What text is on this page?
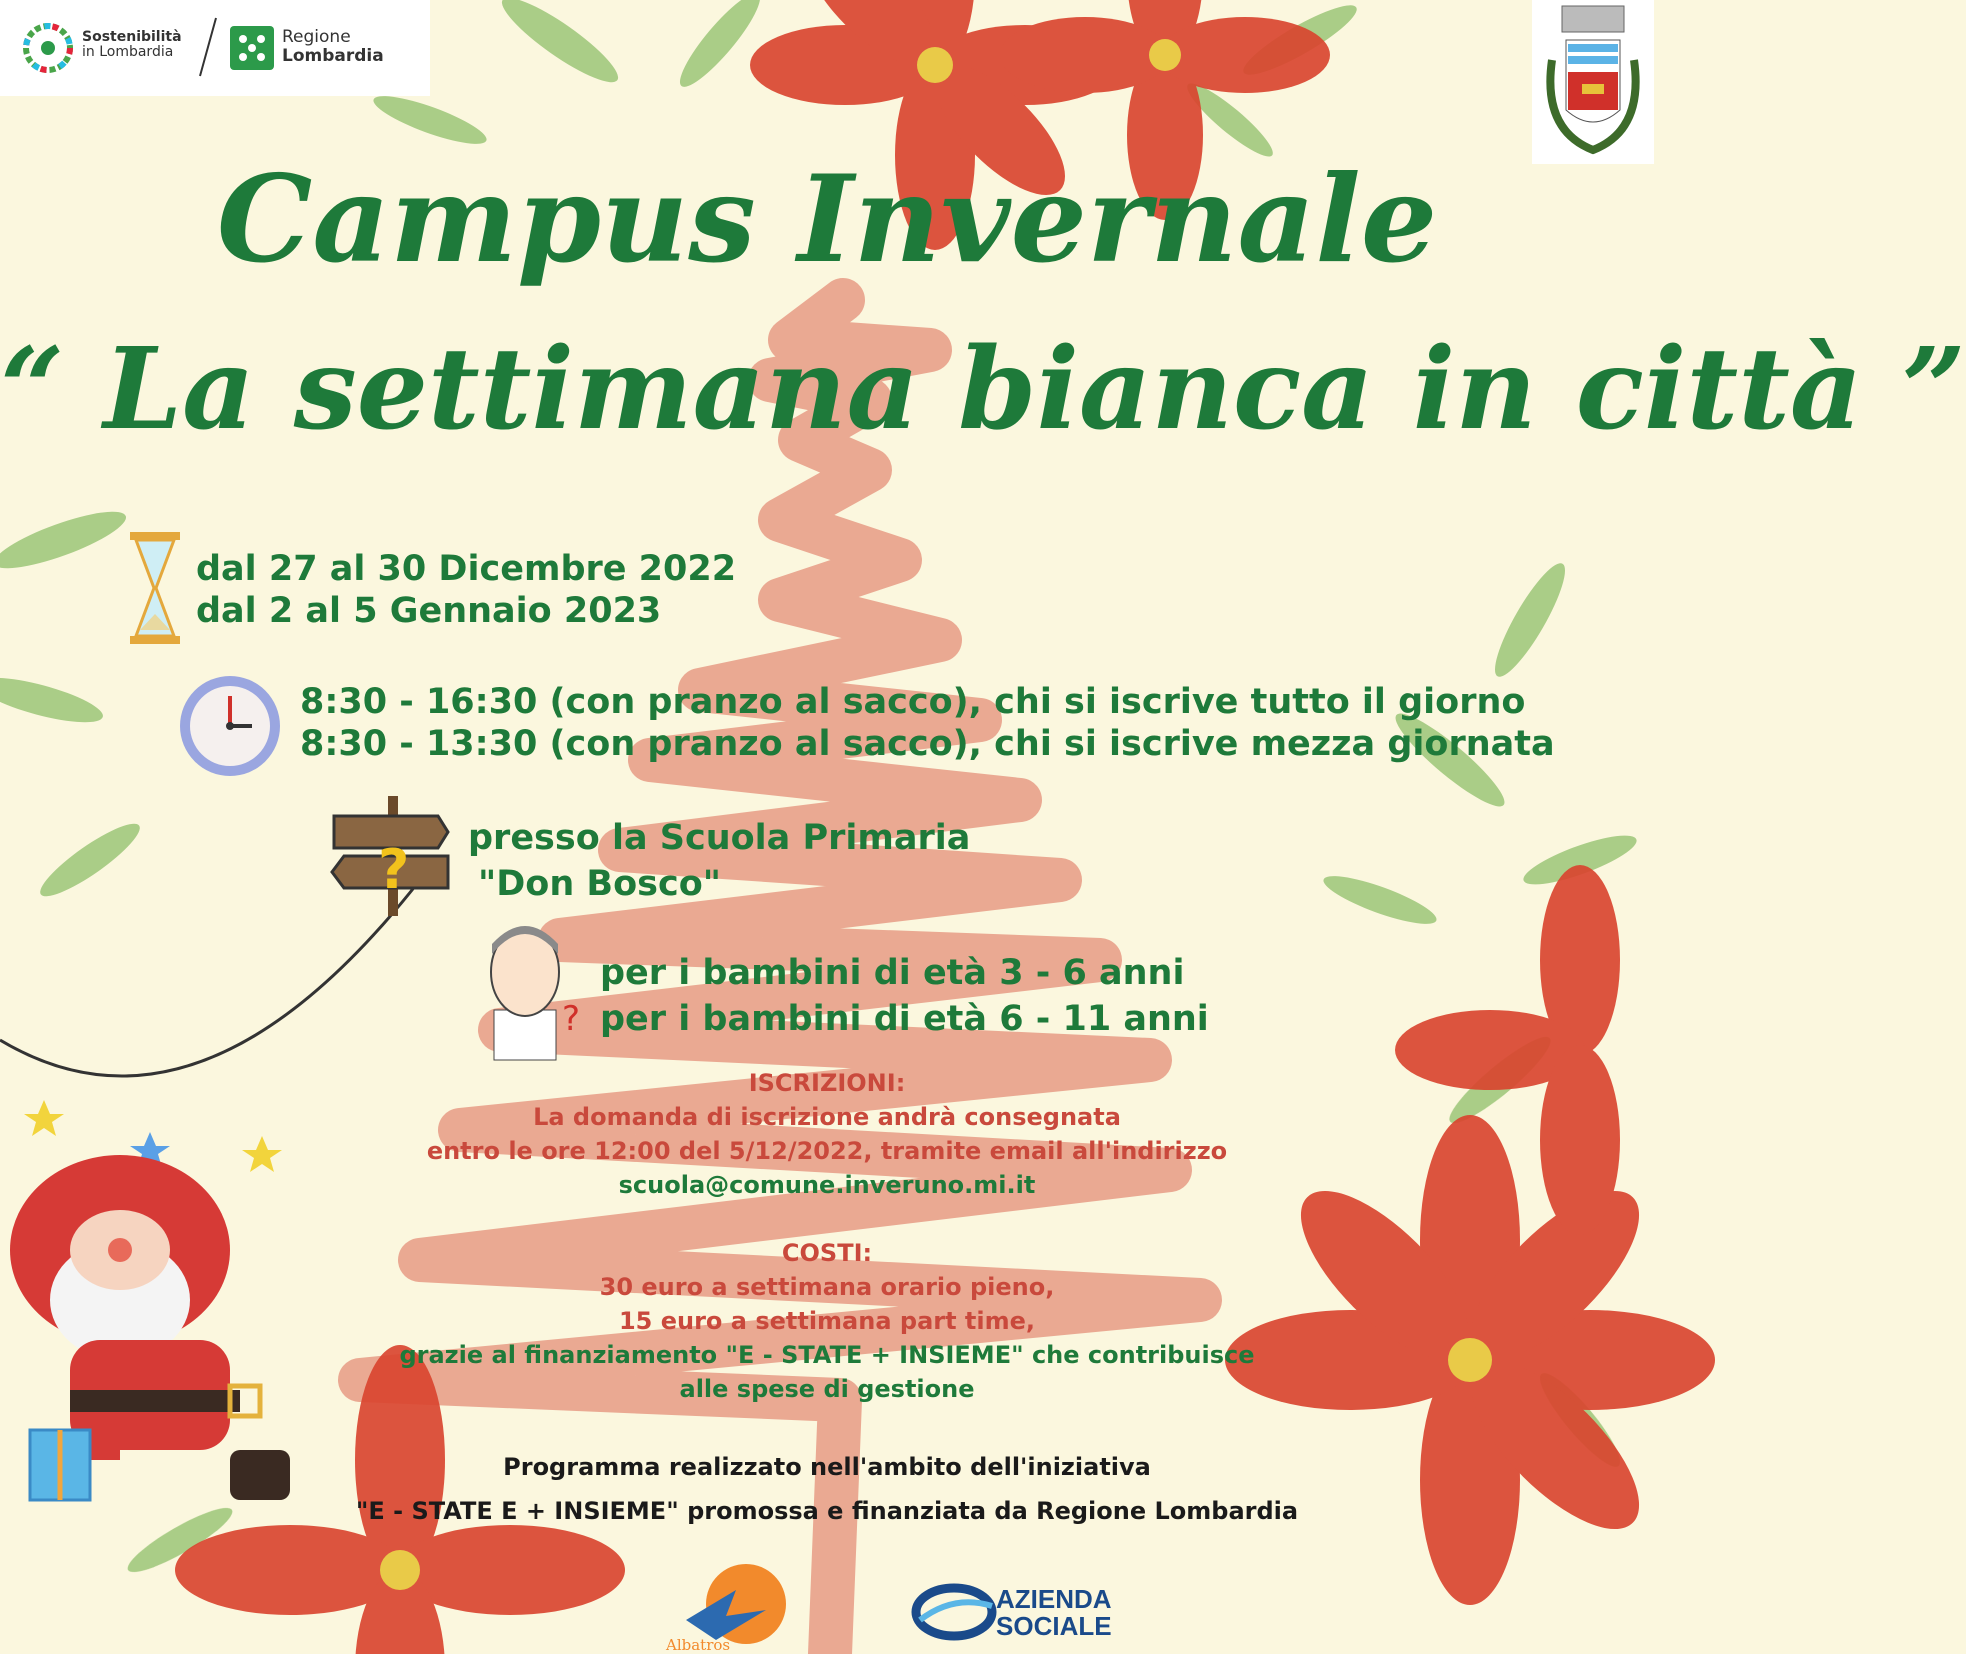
Sostenibilità
in Lombardia
Regione
Lombardia
Campus Invernale
“ La settimana bianca in città ”
dal 27 al 30 Dicembre 2022
dal 2 al 5 Gennaio 2023
8:30 - 16:30 (con pranzo al sacco), chi si iscrive tutto il giorno
8:30 - 13:30 (con pranzo al sacco), chi si iscrive mezza giornata
? presso la Scuola Primaria
"Don Bosco"
?
per i bambini di età 3 - 6 anni
per i bambini di età 6 - 11 anni
ISCRIZIONI:
La domanda di iscrizione andrà consegnata
entro le ore 12:00 del 5/12/2022, tramite email all'indirizzo
scuola@comune.inveruno.mi.it
COSTI:
30 euro a settimana orario pieno,
15 euro a settimana part time,
grazie al finanziamento "E - STATE + INSIEME" che contribuisce
alle spese di gestione
Programma realizzato nell'ambito dell'iniziativa
"E - STATE E + INSIEME" promossa e finanziata da Regione Lombardia
Albatros
AZIENDA
SOCIALE
